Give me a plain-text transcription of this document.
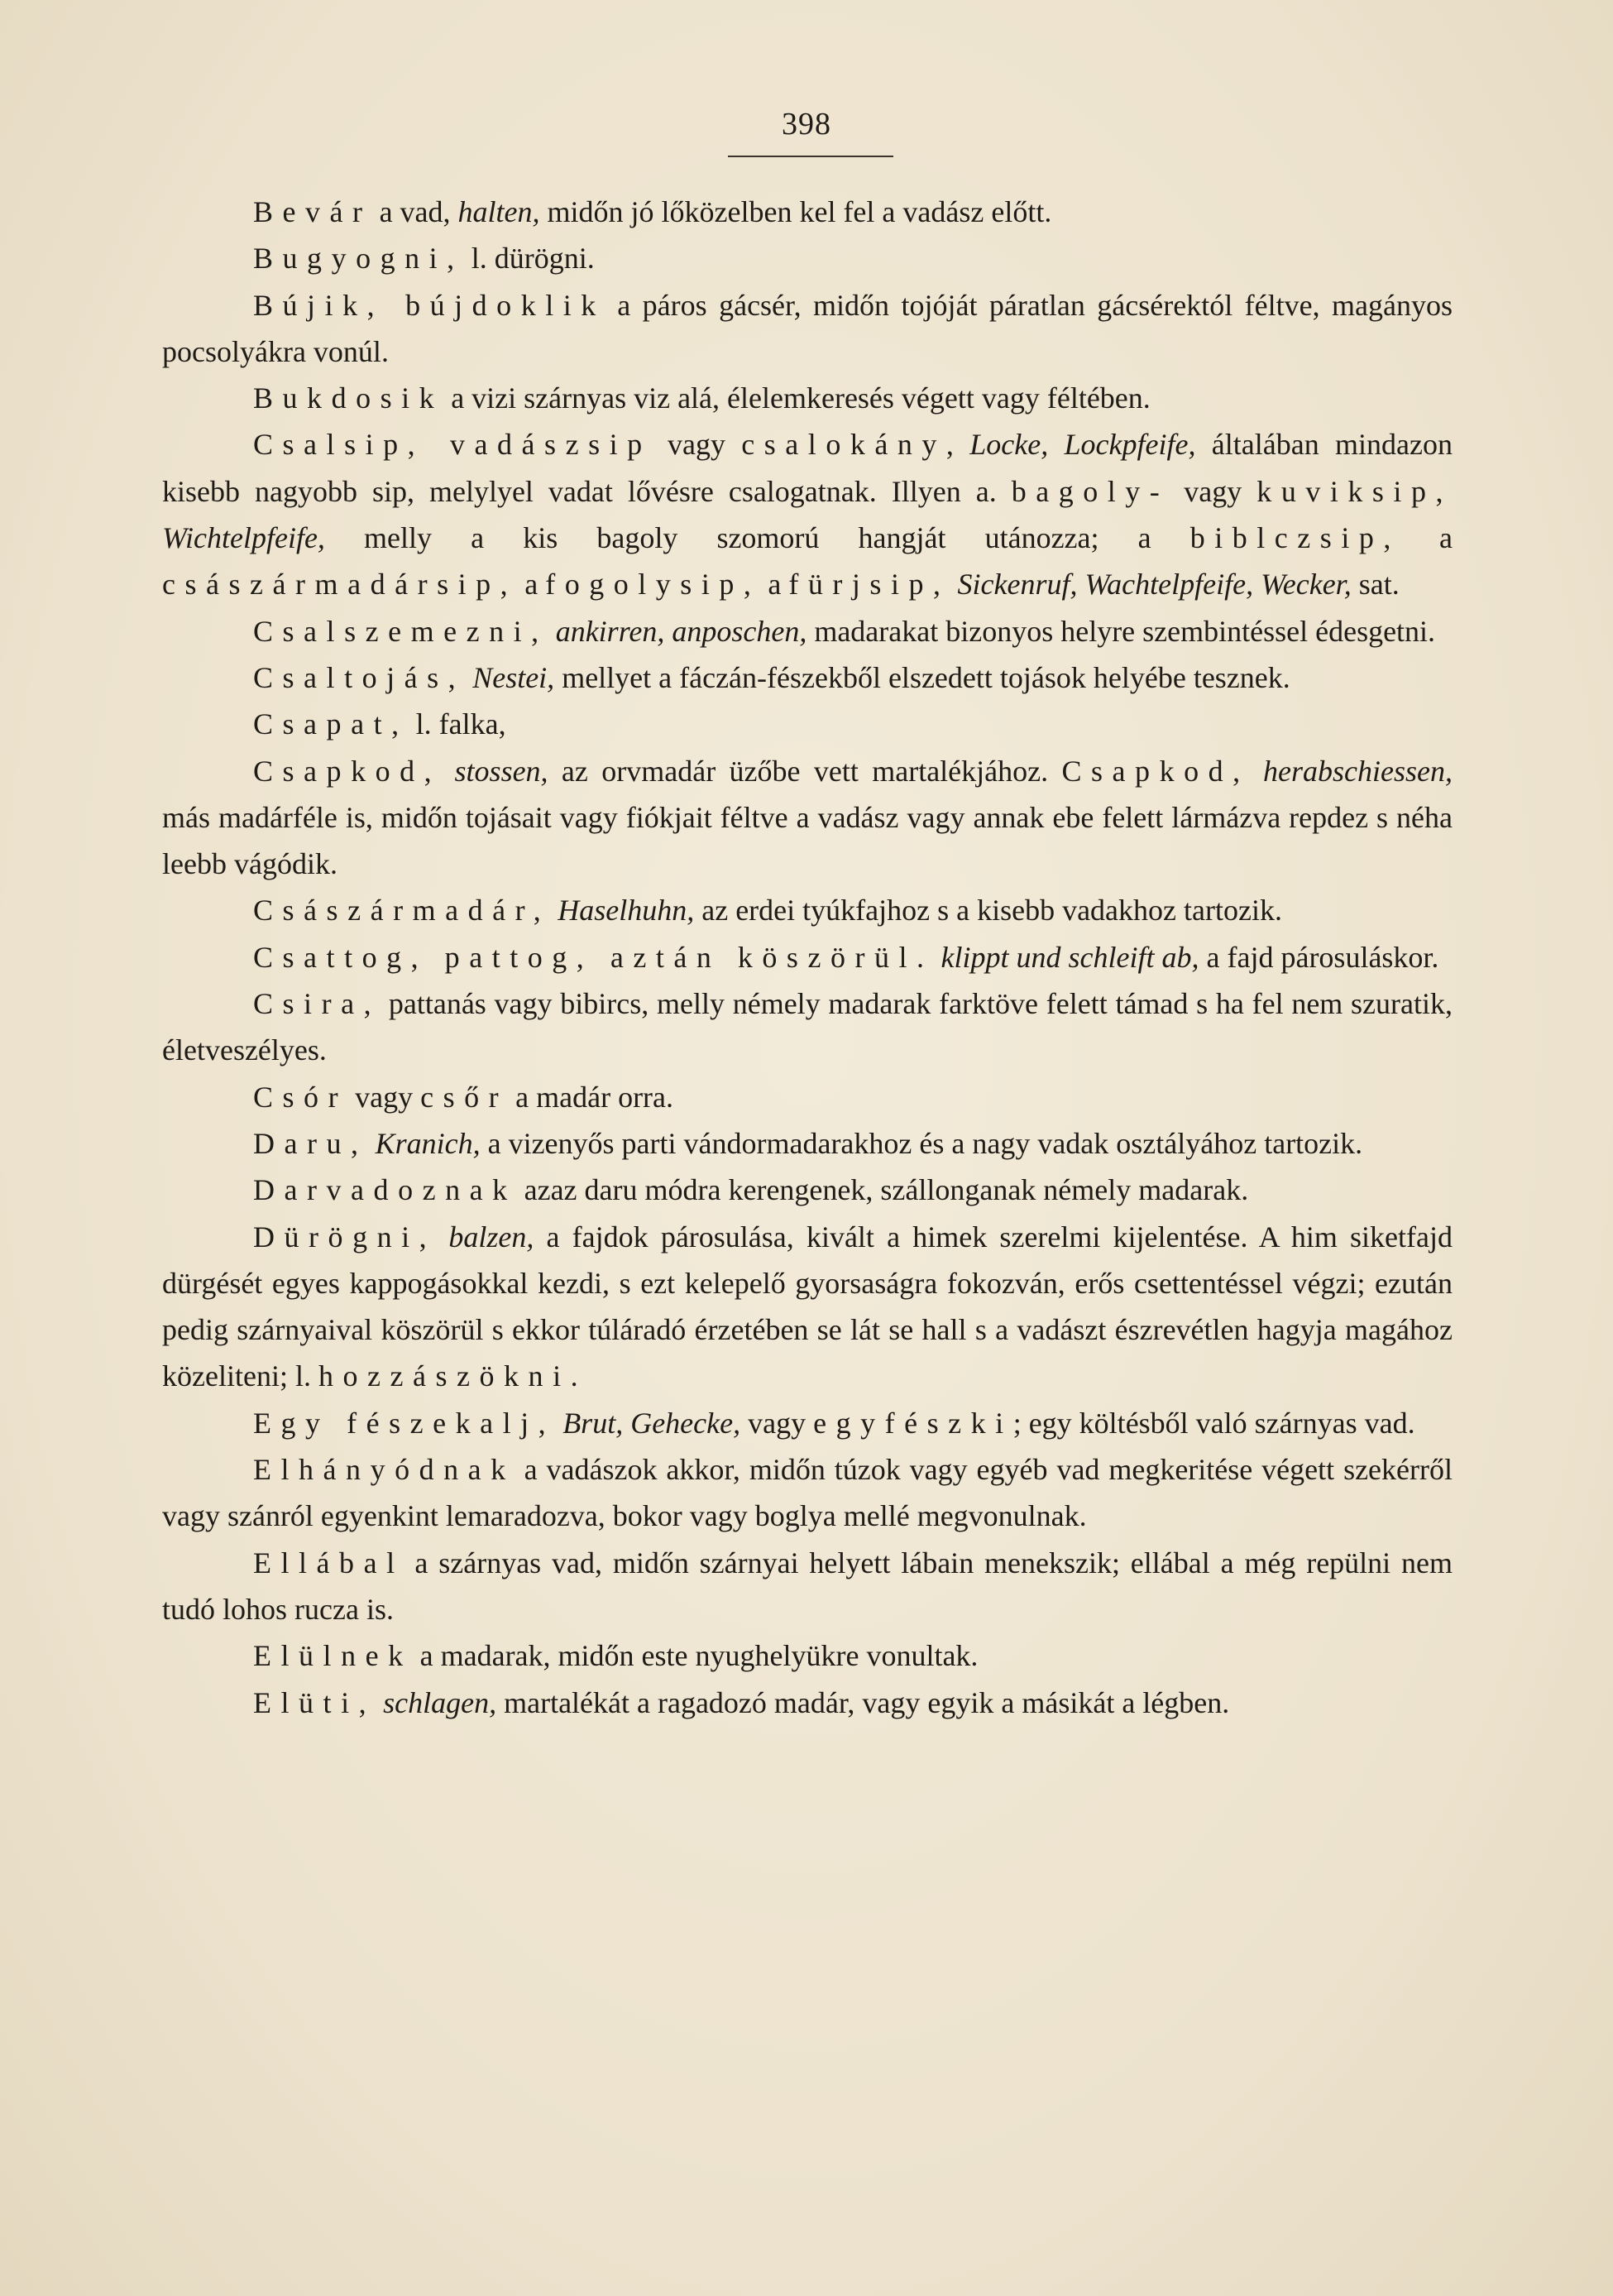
398

Bevár a vad, halten, midőn jó lőközelben kel fel a vadász előtt.

Bugyogni, l. dürögni.

Bújik, bújdoklik a páros gácsér, midőn tojóját páratlan gácsérektól féltve, magányos pocsolyákra vonúl.

Bukdosik a vizi szárnyas viz alá, élelemkeresés végett vagy féltében.

Csalsip, vadászsip vagy csalokány, Locke, Lockpfeife, általában mindazon kisebb nagyobb sip, melylyel vadat lővésre csalogatnak. Illyen a. bagoly- vagy kuviksip, Wichtelpfeife, melly a kis bagoly szomorú hangját utánozza; a biblczsip, a császármadársip, a fogolysip, a fürjsip, Sickenruf, Wachtelpfeife, Wecker, sat.

Csalszemezni, ankirren, anposchen, madarakat bizonyos helyre szembintéssel édesgetni.

Csaltojás, Nestei, mellyet a fáczán-fészekből elszedett tojások helyébe tesznek.

Csapat, l. falka,

Csapkod, stossen, az orvmadár üzőbe vett martalékjához. Csapkod, herabschiessen, más madárféle is, midőn tojásait vagy fiókjait féltve a vadász vagy annak ebe felett lármázva repdez s néha leebb vágódik.

Császármadár, Haselhuhn, az erdei tyúkfajhoz s a kisebb vadakhoz tartozik.

Csattog, pattog, aztán köszörül. klippt und schleift ab, a fajd párosuláskor.

Csira, pattanás vagy bibircs, melly némely madarak farktöve felett támad s ha fel nem szuratik, életveszélyes.

Csór vagy csőr a madár orra.

Daru, Kranich, a vizenyős parti vándormadarakhoz és a nagy vadak osztályához tartozik.

Darvadoznak azaz daru módra kerengenek, szállonganak némely madarak.

Dürögni, balzen, a fajdok párosulása, kivált a himek szerelmi kijelentése. A him siketfajd dürgését egyes kappogásokkal kezdi, s ezt kelepelő gyorsaságra fokozván, erős csettentéssel végzi; ezután pedig szárnyaival köszörül s ekkor túláradó érzetében se lát se hall s a vadászt észrevétlen hagyja magához közeliteni; l. hozzászökni.

Egy fészekalj, Brut, Gehecke, vagy egyfészki; egy költésből való szárnyas vad.

Elhányódnak a vadászok akkor, midőn túzok vagy egyéb vad megkeritése végett szekérről vagy szánról egyenkint lemaradozva, bokor vagy boglya mellé megvonulnak.

Ellábal a szárnyas vad, midőn szárnyai helyett lábain menekszik; ellábal a még repülni nem tudó lohos rucza is.

Elülnek a madarak, midőn este nyughelyükre vonultak.

Elüti, schlagen, martalékát a ragadozó madár, vagy egyik a másikát a légben.
